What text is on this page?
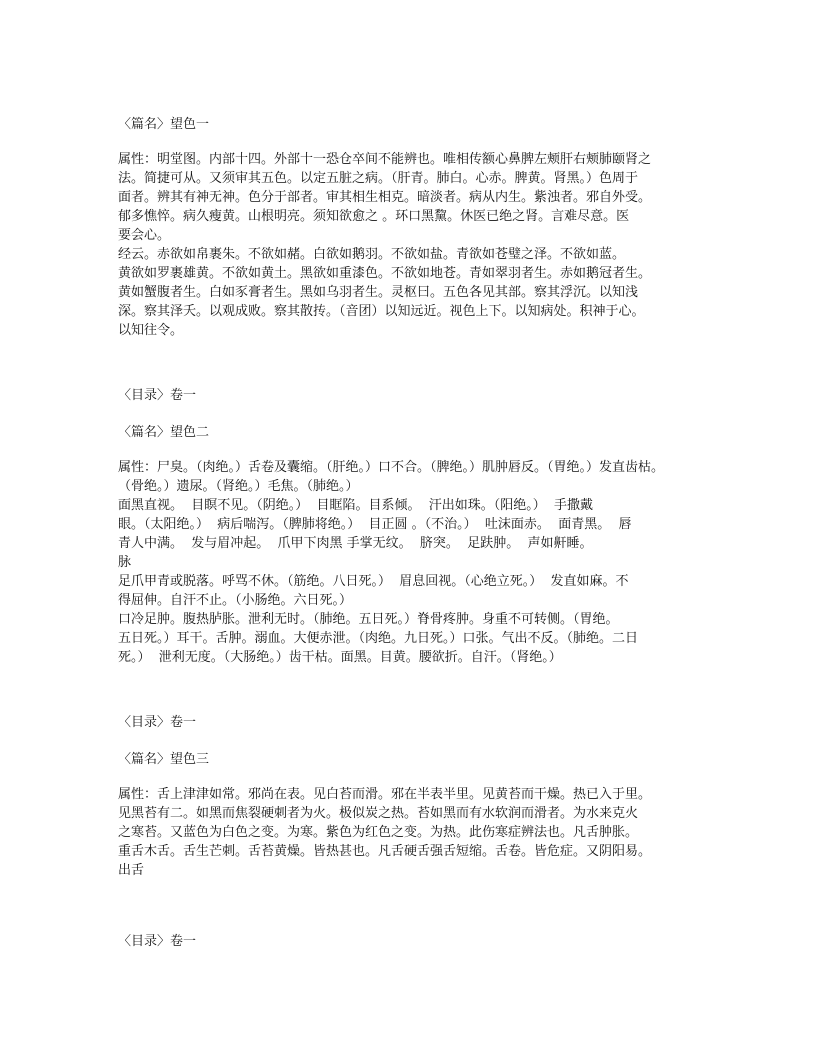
〈篇名〉望色一
属性：明堂图。内部十四。外部十一恐仓卒间不能辨也。唯相传额心鼻脾左颊肝右颊肺颐肾之
法。简捷可从。又须审其五色。以定五脏之病。（肝青。肺白。心赤。脾黄。肾黑。）色周于
面者。辨其有神无神。色分于部者。审其相生相克。暗淡者。病从内生。紫浊者。邪自外受。
郁多憔悴。病久瘦黄。山根明亮。须知欲愈之 。环口黑黧。休医已绝之肾。言难尽意。医
要会心。
经云。赤欲如帛裹朱。不欲如赭。白欲如鹅羽。不欲如盐。青欲如苍璧之泽。不欲如蓝。
黄欲如罗裹雄黄。不欲如黄土。黑欲如重漆色。不欲如地苍。青如翠羽者生。赤如鹅冠者生。
黄如蟹腹者生。白如豕膏者生。黑如乌羽者生。灵枢曰。五色各见其部。察其浮沉。以知浅
深。察其泽夭。以观成败。察其散抟。（音团）以知远近。视色上下。以知病处。积神于心。
以知往令。
〈目录〉卷一
〈篇名〉望色二
属性：尸臭。（肉绝。）舌卷及囊缩。（肝绝。）口不合。（脾绝。）肌肿唇反。（胃绝。）发直齿枯。
（骨绝。）遗尿。（肾绝。）毛焦。（肺绝。）
面黑直视。  目瞑不见。（阴绝。）  目眶陷。目系倾。  汗出如珠。（阳绝。）  手撒戴
眼。（太阳绝。）  病后喘泻。（脾肺将绝。）  目正圆 。（不治。）  吐沫面赤。  面青黑。  唇
青人中满。  发与眉冲起。  爪甲下肉黑 手掌无纹。  脐突。  足趺肿。  声如鼾睡。
脉
足爪甲青或脱落。呼骂不休。（筋绝。八日死。）  眉息回视。（心绝立死。）  发直如麻。不
得屈伸。自汗不止。（小肠绝。六日死。）
口冷足肿。腹热胪胀。泄利无时。（肺绝。五日死。）脊骨疼肿。身重不可转侧。（胃绝。
五日死。）耳干。舌肿。溺血。大便赤泄。（肉绝。九日死。）口张。气出不反。（肺绝。二日
死。）  泄利无度。（大肠绝。）齿干枯。面黑。目黄。腰欲折。自汗。（肾绝。）
〈目录〉卷一
〈篇名〉望色三
属性：舌上津津如常。邪尚在表。见白苔而滑。邪在半表半里。见黄苔而干燥。热已入于里。
见黑苔有二。如黑而焦裂硬刺者为火。极似炭之热。苔如黑而有水软润而滑者。为水来克火
之寒苔。又蓝色为白色之变。为寒。紫色为红色之变。为热。此伤寒症辨法也。凡舌肿胀。
重舌木舌。舌生芒刺。舌苔黄燥。皆热甚也。凡舌硬舌强舌短缩。舌卷。皆危症。又阴阳易。
出舌
〈目录〉卷一
